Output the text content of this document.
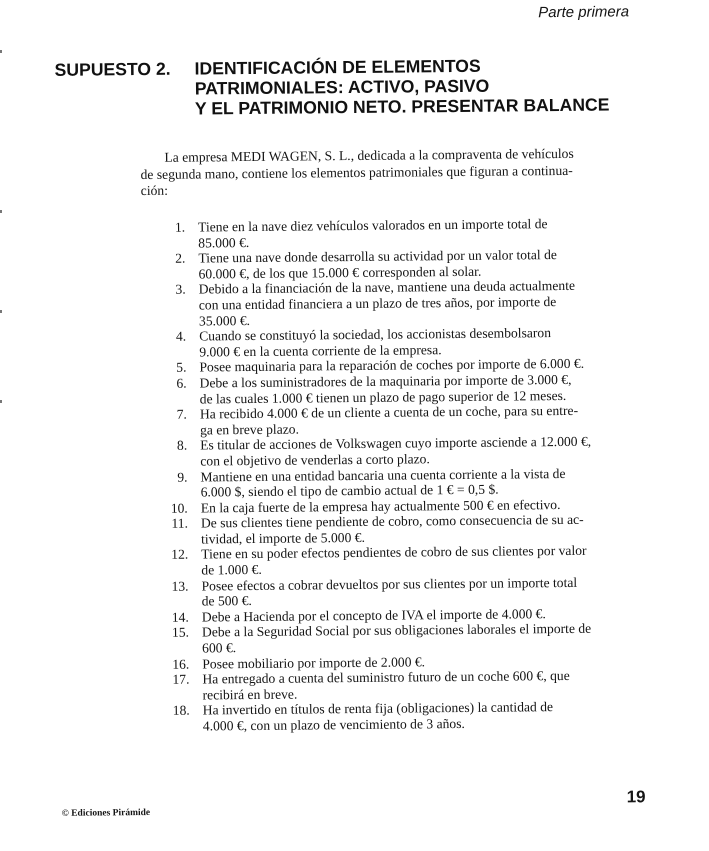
Parte primera
SUPUESTO 2. IDENTIFICACIÓN DE ELEMENTOS
PATRIMONIALES: ACTIVO, PASIVO
Y EL PATRIMONIO NETO. PRESENTAR BALANCE
La empresa MEDI WAGEN, S. L., dedicada a la compraventa de vehículos
de segunda mano, contiene los elementos patrimoniales que figuran a continua-
ción:
1. Tiene en la nave diez vehículos valorados en un importe total de
85.000 €.
2. Tiene una nave donde desarrolla su actividad por un valor total de
60.000 €, de los que 15.000 € corresponden al solar.
3. Debido a la financiación de la nave, mantiene una deuda actualmente
con una entidad financiera a un plazo de tres años, por importe de
35.000 €.
4. Cuando se constituyó la sociedad, los accionistas desembolsaron
9.000 € en la cuenta corriente de la empresa.
5. Posee maquinaria para la reparación de coches por importe de 6.000 €.
6. Debe a los suministradores de la maquinaria por importe de 3.000 €,
de las cuales 1.000 € tienen un plazo de pago superior de 12 meses.
7. Ha recibido 4.000 € de un cliente a cuenta de un coche, para su entre-
ga en breve plazo.
8. Es titular de acciones de Volkswagen cuyo importe asciende a 12.000 €,
con el objetivo de venderlas a corto plazo.
9. Mantiene en una entidad bancaria una cuenta corriente a la vista de
6.000 $, siendo el tipo de cambio actual de 1 € = 0,5 $.
10. En la caja fuerte de la empresa hay actualmente 500 € en efectivo.
11. De sus clientes tiene pendiente de cobro, como consecuencia de su ac-
tividad, el importe de 5.000 €.
12. Tiene en su poder efectos pendientes de cobro de sus clientes por valor
de 1.000 €.
13. Posee efectos a cobrar devueltos por sus clientes por un importe total
de 500 €.
14. Debe a Hacienda por el concepto de IVA el importe de 4.000 €.
15. Debe a la Seguridad Social por sus obligaciones laborales el importe de
600 €.
16. Posee mobiliario por importe de 2.000 €.
17. Ha entregado a cuenta del suministro futuro de un coche 600 €, que
recibirá en breve.
18. Ha invertido en títulos de renta fija (obligaciones) la cantidad de
4.000 €, con un plazo de vencimiento de 3 años.
© Ediciones Pirámide
19
